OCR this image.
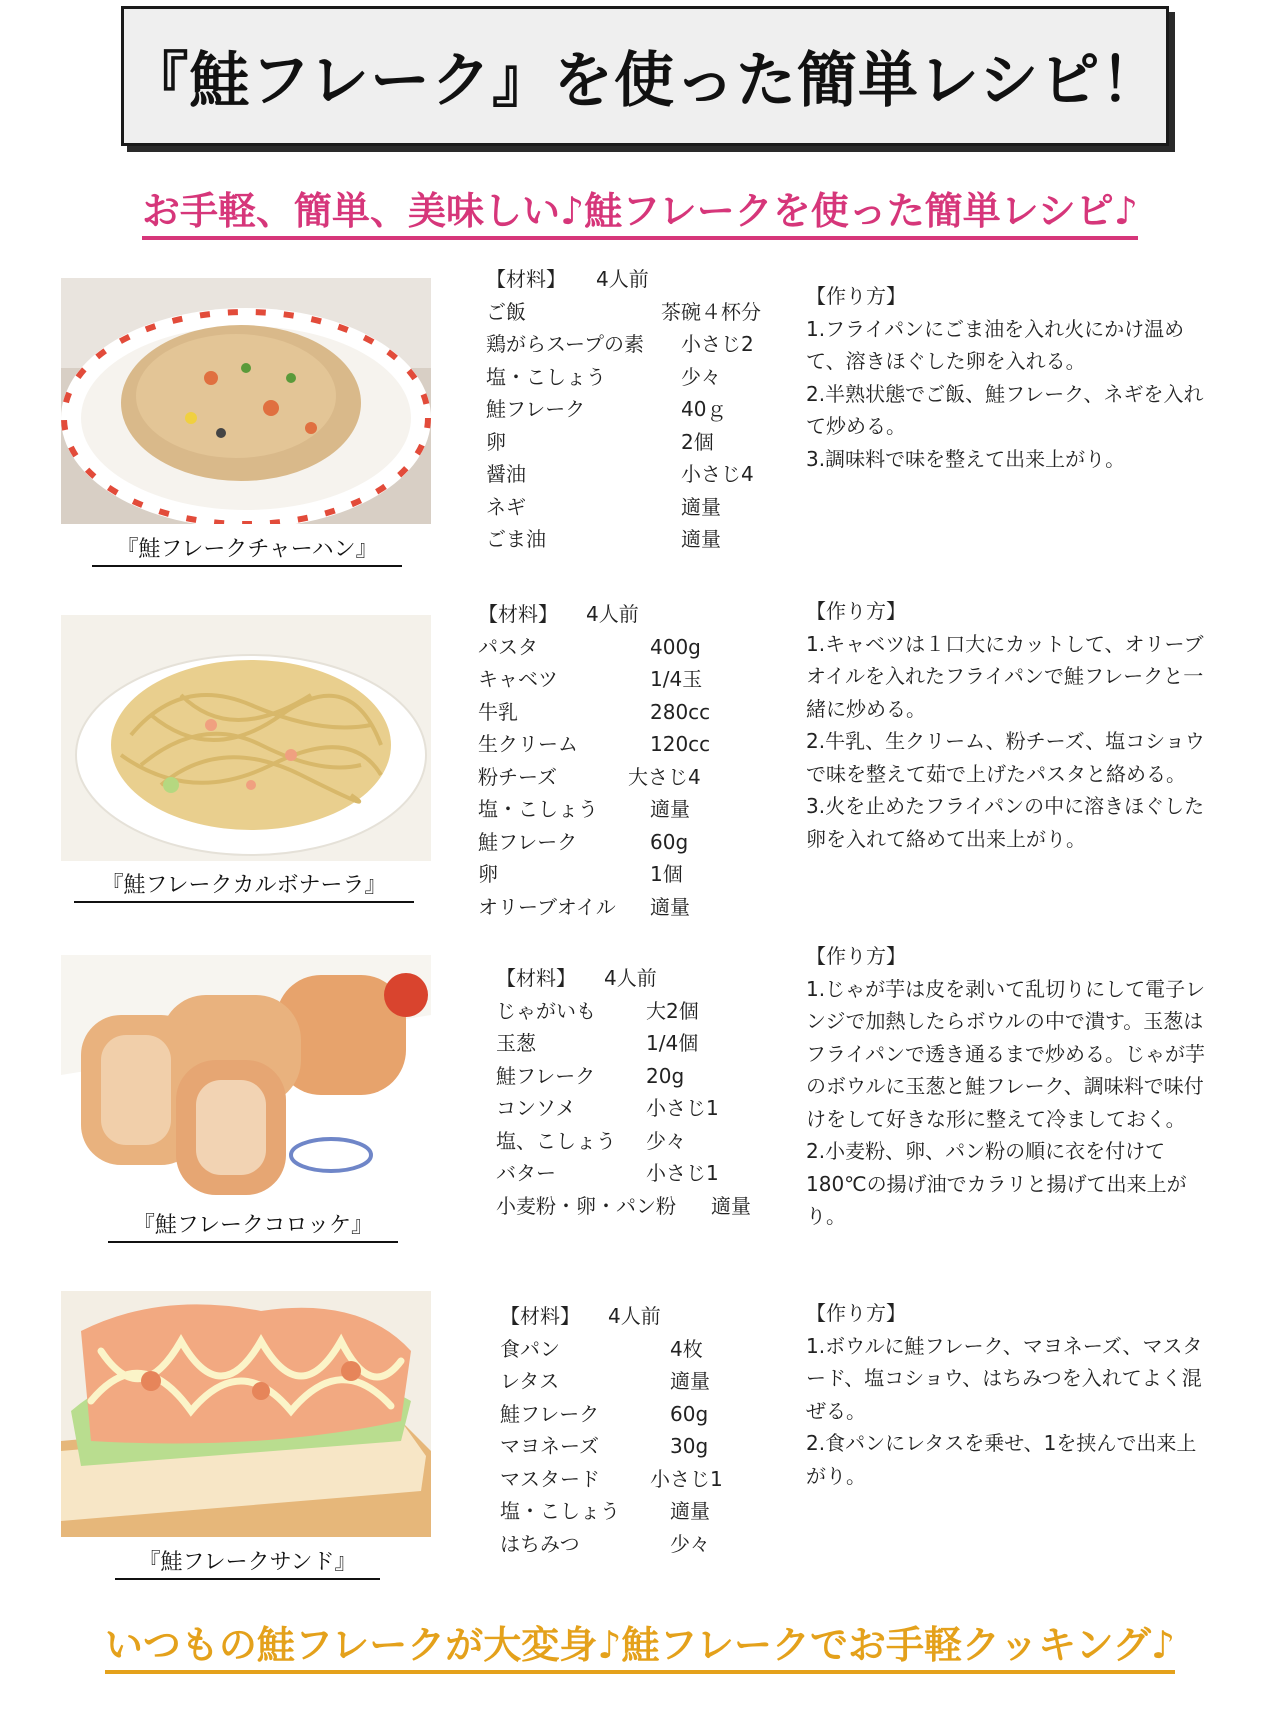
『鮭フレーク』を使った簡単レシピ！
お手軽、簡単、美味しい♪鮭フレークを使った簡単レシピ♪
『鮭フレークチャーハン』
【材料】	4人前
ご飯	茶碗４杯分
鶏がらスープの素	小さじ2
塩・こしょう	少々
鮭フレーク	40ｇ
卵	2個
醤油	小さじ4
ネギ	適量
ごま油	適量

【作り方】

1.フライパンにごま油を入れ火にかけ温めて、溶きほぐした卵を入れる。

2.半熟状態でご飯、鮭フレーク、ネギを入れて炒める。

3.調味料で味を整えて出来上がり。

『鮭フレークカルボナーラ』
【材料】	4人前
パスタ	400g
キャベツ	1/4玉
牛乳	280cc
生クリーム	120cc
粉チーズ	大さじ4
塩・こしょう	適量
鮭フレーク	60g
卵	1個
オリーブオイル	適量

【作り方】

1.キャベツは１口大にカットして、オリーブオイルを入れたフライパンで鮭フレークと一緒に炒める。

2.牛乳、生クリーム、粉チーズ、塩コショウで味を整えて茹で上げたパスタと絡める。

3.火を止めたフライパンの中に溶きほぐした卵を入れて絡めて出来上がり。

『鮭フレークコロッケ』
【材料】	4人前
じゃがいも	大2個
玉葱	1/4個
鮭フレーク	20g
コンソメ	小さじ1
塩、こしょう	少々
バター	小さじ1
小麦粉・卵・パン粉	適量

【作り方】

1.じゃが芋は皮を剥いて乱切りにして電子レンジで加熱したらボウルの中で潰す。玉葱はフライパンで透き通るまで炒める。じゃが芋のボウルに玉葱と鮭フレーク、調味料で味付けをして好きな形に整えて冷ましておく。

2.小麦粉、卵、パン粉の順に衣を付けて180℃の揚げ油でカラリと揚げて出来上がり。

『鮭フレークサンド』
【材料】	4人前
食パン	4枚
レタス	適量
鮭フレーク	60g
マヨネーズ	30g
マスタード	小さじ1
塩・こしょう	適量
はちみつ	少々

【作り方】

1.ボウルに鮭フレーク、マヨネーズ、マスタード、塩コショウ、はちみつを入れてよく混ぜる。

2.食パンにレタスを乗せ、1を挟んで出来上がり。

いつもの鮭フレークが大変身♪鮭フレークでお手軽クッキング♪
